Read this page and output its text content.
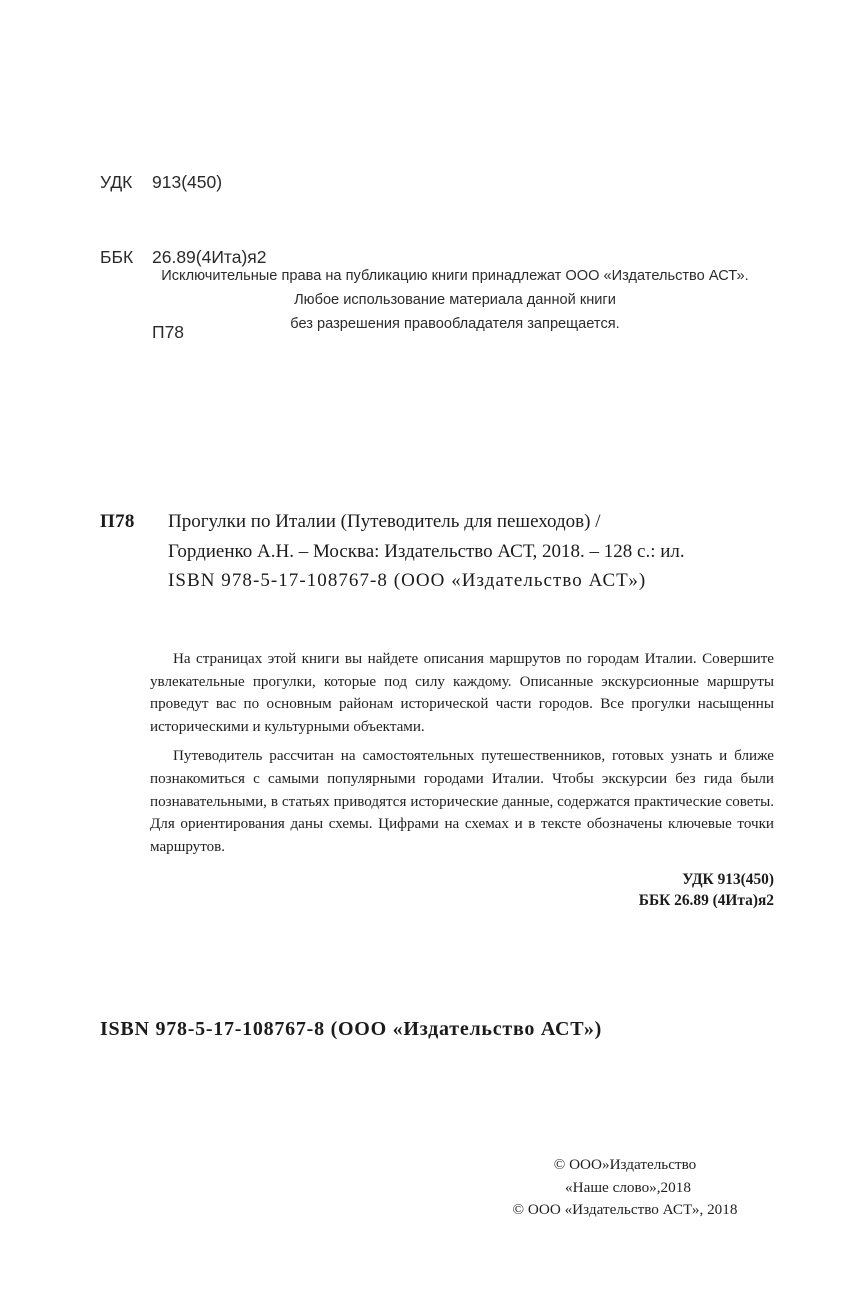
УДК 913(450)

ББК 26.89(4Ита)я2

П78

Исключительные права на публикацию книги принадлежат ООО «Издательство АСТ».
Любое использование материала данной книги
без разрешения правообладателя запрещается.
П78 Прогулки по Италии (Путеводитель для пешеходов) /
Гордиенко А.Н. – Москва: Издательство АСТ, 2018. – 128 с.: ил.
ISBN 978-5-17-108767-8 (ООО «Издательство АСТ»)

На страницах этой книги вы найдете описания маршрутов по городам Италии. Совершите увлекательные прогулки, которые под силу каждому. Описанные экскурсионные маршруты проведут вас по основным районам исторической части городов. Все прогулки насыщенны историческими и культурными объектами.

Путеводитель рассчитан на самостоятельных путешественников, готовых узнать и ближе познакомиться с самыми популярными городами Италии. Чтобы экскурсии без гида были познавательными, в статьях приводятся исторические данные, содержатся практические советы. Для ориентирования даны схемы. Цифрами на схемах и в тексте обозначены ключевые точки маршрутов.

УДК 913(450)
ББК 26.89 (4Ита)я2
ISBN 978-5-17-108767-8 (ООО «Издательство АСТ»)
© ООО»Издательство
«Наше слово»,2018
© ООО «Издательство АСТ», 2018
